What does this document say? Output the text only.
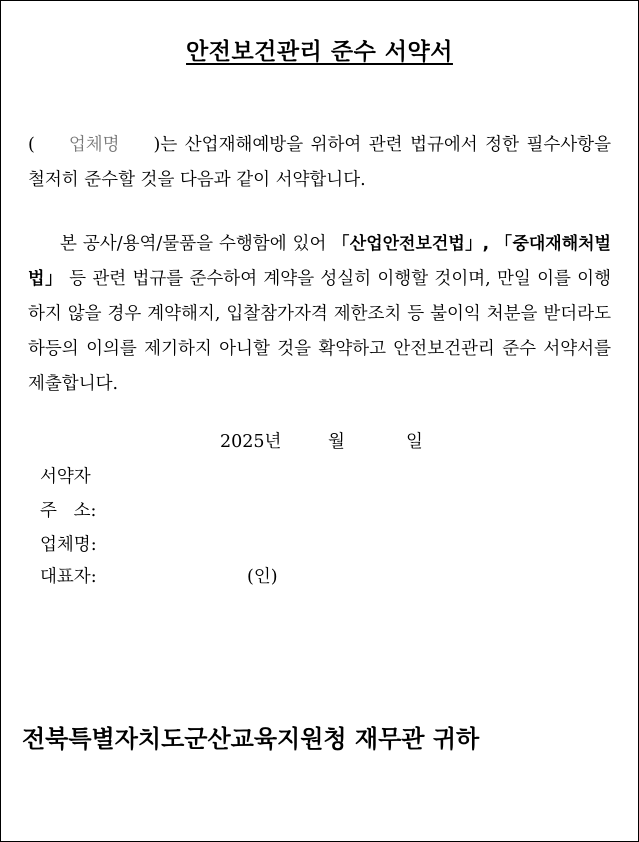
안전보건관리 준수 서약서
( 업체명 )는 산업재해예방을 위하여 관련 법규에서 정한 필수사항을 철저히 준수할 것을 다음과 같이 서약합니다.
본 공사/용역/물품을 수행함에 있어 「산업안전보건법」, 「중대재해처벌법」 등 관련 법규를 준수하여 계약을 성실히 이행할 것이며, 만일 이를 이행하지 않을 경우 계약해지, 입찰참가자격 제한조치 등 불이익 처분을 받더라도 하등의 이의를 제기하지 아니할 것을 확약하고 안전보건관리 준수 서약서를 제출합니다.
2025년	월	일
서약자
주   소:
업체명:
대표자:	(인)
전북특별자치도군산교육지원청 재무관 귀하
